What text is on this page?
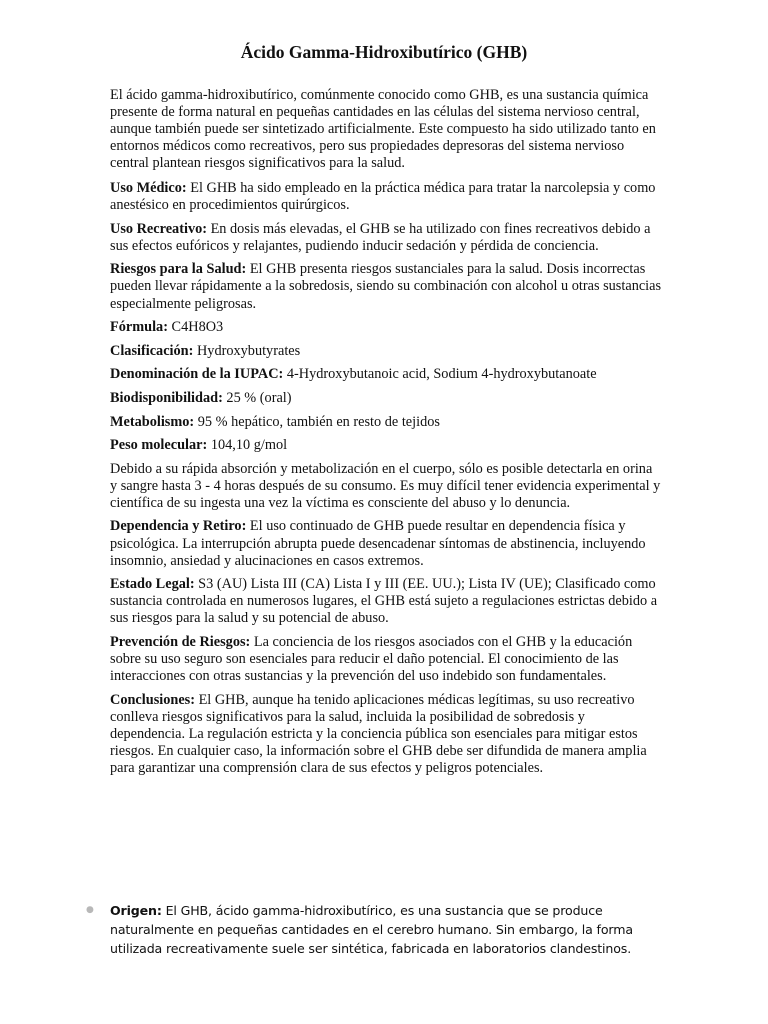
Ácido Gamma-Hidroxibutírico (GHB)

El ácido gamma-hidroxibutírico, comúnmente conocido como GHB, es una sustancia química presente de forma natural en pequeñas cantidades en las células del sistema nervioso central, aunque también puede ser sintetizado artificialmente. Este compuesto ha sido utilizado tanto en entornos médicos como recreativos, pero sus propiedades depresoras del sistema nervioso central plantean riesgos significativos para la salud.

Uso Médico: El GHB ha sido empleado en la práctica médica para tratar la narcolepsia y como anestésico en procedimientos quirúrgicos.

Uso Recreativo: En dosis más elevadas, el GHB se ha utilizado con fines recreativos debido a sus efectos eufóricos y relajantes, pudiendo inducir sedación y pérdida de conciencia.

Riesgos para la Salud: El GHB presenta riesgos sustanciales para la salud. Dosis incorrectas pueden llevar rápidamente a la sobredosis, siendo su combinación con alcohol u otras sustancias especialmente peligrosas.

Fórmula: C4H8O3

Clasificación: Hydroxybutyrates

Denominación de la IUPAC: 4-Hydroxybutanoic acid, Sodium 4-hydroxybutanoate

Biodisponibilidad: 25 % (oral)

Metabolismo: 95 % hepático, también en resto de tejidos

Peso molecular: 104,10 g/mol

Debido a su rápida absorción y metabolización en el cuerpo, sólo es posible detectarla en orina y sangre hasta 3 - 4 horas después de su consumo. Es muy difícil tener evidencia experimental y científica de su ingesta una vez la víctima es consciente del abuso y lo denuncia.

Dependencia y Retiro: El uso continuado de GHB puede resultar en dependencia física y psicológica. La interrupción abrupta puede desencadenar síntomas de abstinencia, incluyendo insomnio, ansiedad y alucinaciones en casos extremos.

Estado Legal: S3 (AU) Lista III (CA) Lista I y III (EE. UU.); Lista IV (UE); Clasificado como sustancia controlada en numerosos lugares, el GHB está sujeto a regulaciones estrictas debido a sus riesgos para la salud y su potencial de abuso.

Prevención de Riesgos: La conciencia de los riesgos asociados con el GHB y la educación sobre su uso seguro son esenciales para reducir el daño potencial. El conocimiento de las interacciones con otras sustancias y la prevención del uso indebido son fundamentales.

Conclusiones: El GHB, aunque ha tenido aplicaciones médicas legítimas, su uso recreativo conlleva riesgos significativos para la salud, incluida la posibilidad de sobredosis y dependencia. La regulación estricta y la conciencia pública son esenciales para mitigar estos riesgos. En cualquier caso, la información sobre el GHB debe ser difundida de manera amplia para garantizar una comprensión clara de sus efectos y peligros potenciales.

●	Origen: El GHB, ácido gamma-hidroxibutírico, es una sustancia que se produce naturalmente en pequeñas cantidades en el cerebro humano. Sin embargo, la forma utilizada recreativamente suele ser sintética, fabricada en laboratorios clandestinos.
